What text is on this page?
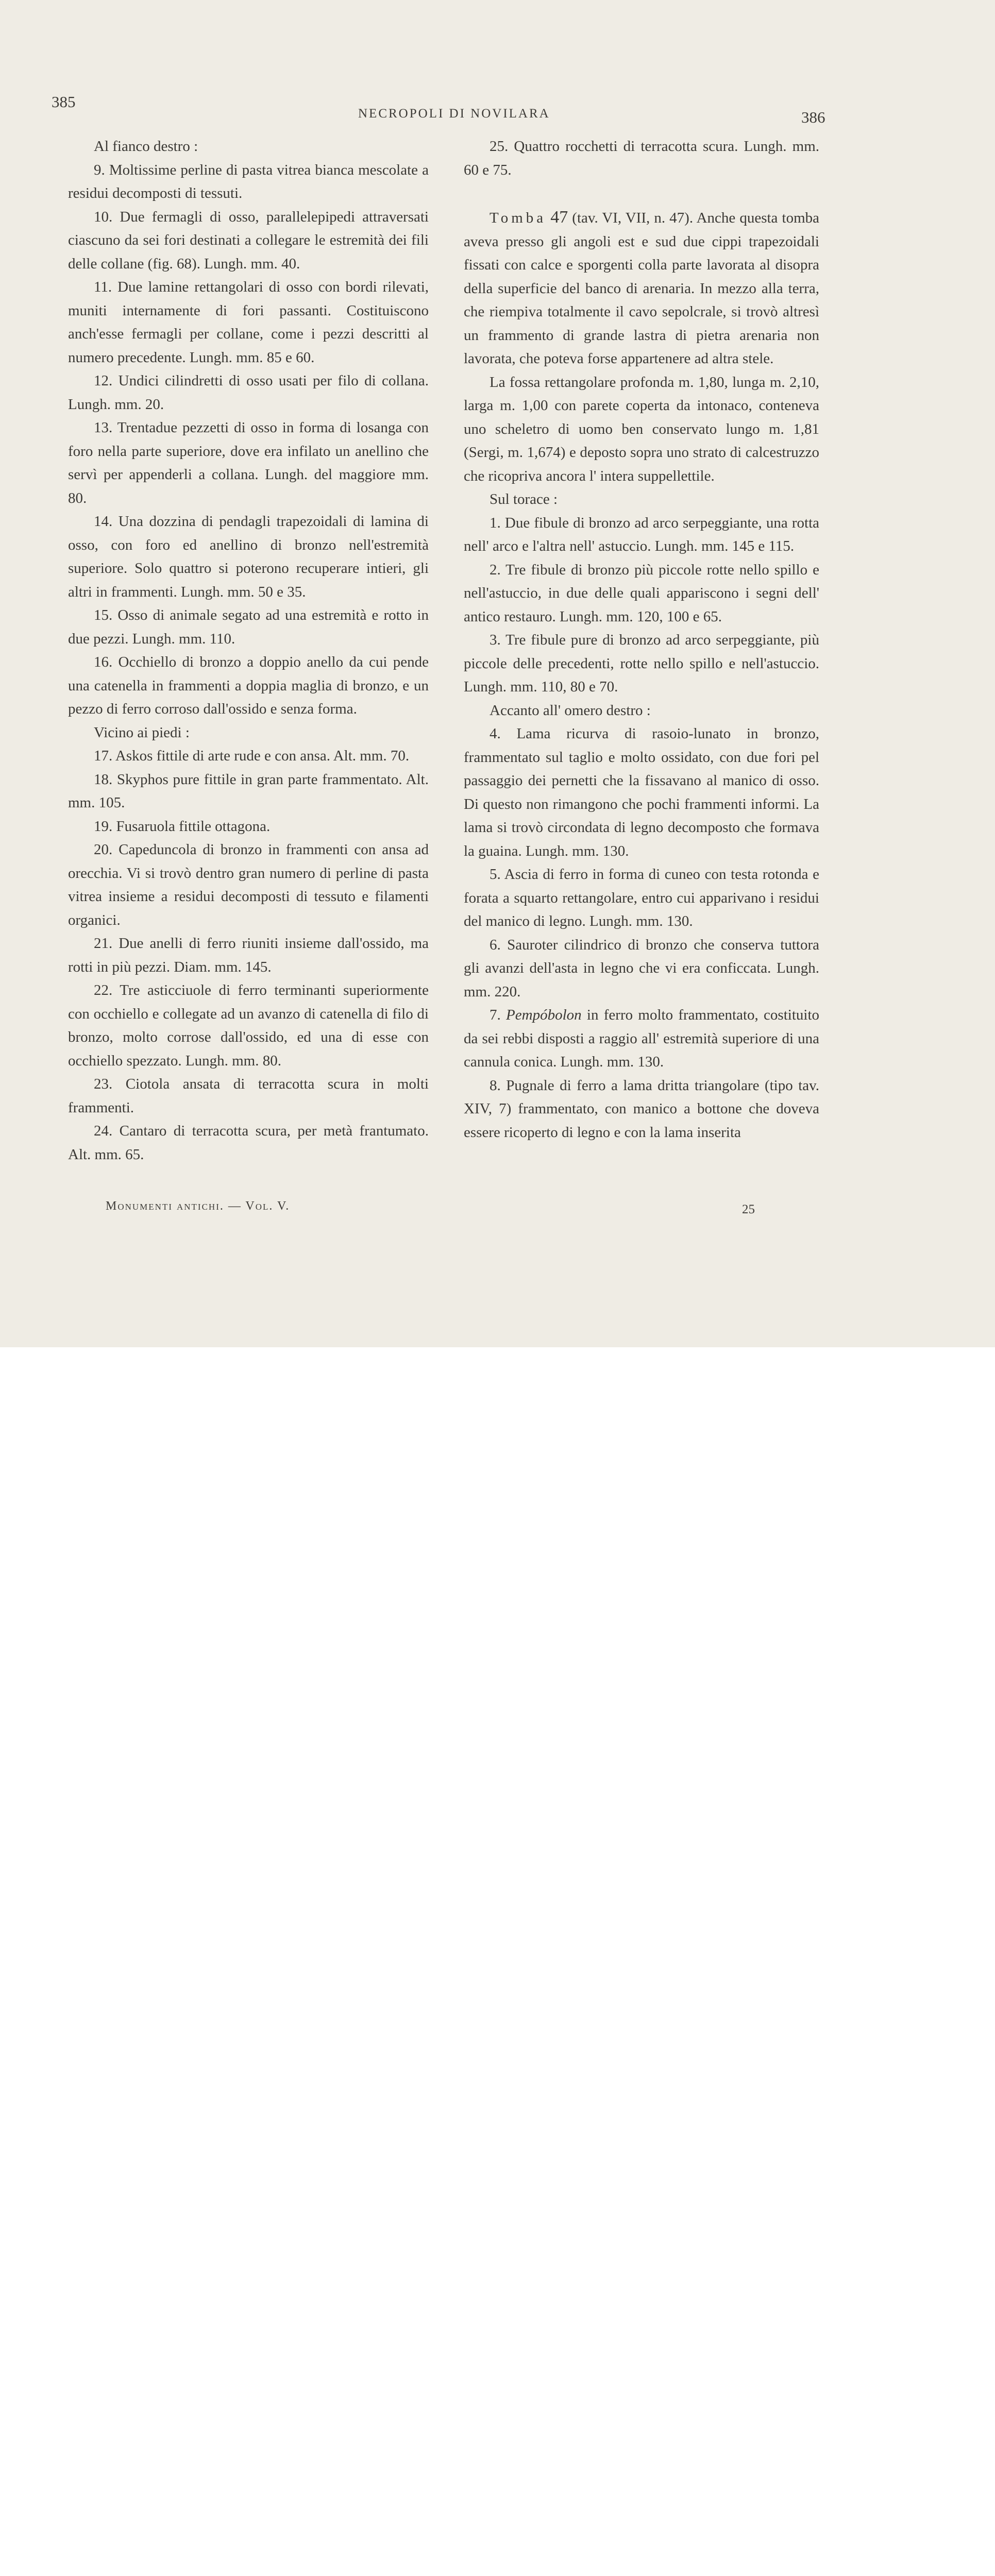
385
NECROPOLI DI NOVILARA	386

Al fianco destro :

9. Moltissime perline di pasta vitrea bianca mescolate a residui decomposti di tessuti.

10. Due fermagli di osso, parallelepipedi attraversati ciascuno da sei fori destinati a collegare le estremità dei fili delle collane (fig. 68). Lungh. mm. 40.

11. Due lamine rettangolari di osso con bordi rilevati, muniti internamente di fori passanti. Costituiscono anch'esse fermagli per collane, come i pezzi descritti al numero precedente. Lungh. mm. 85 e 60.

12. Undici cilindretti di osso usati per filo di collana. Lungh. mm. 20.

13. Trentadue pezzetti di osso in forma di losanga con foro nella parte superiore, dove era infilato un anellino che servì per appenderli a collana. Lungh. del maggiore mm. 80.

14. Una dozzina di pendagli trapezoidali di lamina di osso, con foro ed anellino di bronzo nell'estremità superiore. Solo quattro si poterono recuperare intieri, gli altri in frammenti. Lungh. mm. 50 e 35.

15. Osso di animale segato ad una estremità e rotto in due pezzi. Lungh. mm. 110.

16. Occhiello di bronzo a doppio anello da cui pende una catenella in frammenti a doppia maglia di bronzo, e un pezzo di ferro corroso dall'ossido e senza forma.

Vicino ai piedi :

17. Askos fittile di arte rude e con ansa. Alt. mm. 70.

18. Skyphos pure fittile in gran parte frammentato. Alt. mm. 105.

19. Fusaruola fittile ottagona.

20. Capeduncola di bronzo in frammenti con ansa ad orecchia. Vi si trovò dentro gran numero di perline di pasta vitrea insieme a residui decomposti di tessuto e filamenti organici.

21. Due anelli di ferro riuniti insieme dall'ossido, ma rotti in più pezzi. Diam. mm. 145.

22. Tre asticciuole di ferro terminanti superiormente con occhiello e collegate ad un avanzo di catenella di filo di bronzo, molto corrose dall'ossido, ed una di esse con occhiello spezzato. Lungh. mm. 80.

23. Ciotola ansata di terracotta scura in molti frammenti.

24. Cantaro di terracotta scura, per metà frantumato. Alt. mm. 65.

25. Quattro rocchetti di terracotta scura. Lungh. mm. 60 e 75.

Tomba 47 (tav. VI, VII, n. 47). Anche questa tomba aveva presso gli angoli est e sud due cippi trapezoidali fissati con calce e sporgenti colla parte lavorata al disopra della superficie del banco di arenaria. In mezzo alla terra, che riempiva totalmente il cavo sepolcrale, si trovò altresì un frammento di grande lastra di pietra arenaria non lavorata, che poteva forse appartenere ad altra stele.

La fossa rettangolare profonda m. 1,80, lunga m. 2,10, larga m. 1,00 con parete coperta da intonaco, conteneva uno scheletro di uomo ben conservato lungo m. 1,81 (Sergi, m. 1,674) e deposto sopra uno strato di calcestruzzo che ricopriva ancora l' intera suppellettile.

Sul torace :

1. Due fibule di bronzo ad arco serpeggiante, una rotta nell' arco e l'altra nell' astuccio. Lungh. mm. 145 e 115.

2. Tre fibule di bronzo più piccole rotte nello spillo e nell'astuccio, in due delle quali appariscono i segni dell' antico restauro. Lungh. mm. 120, 100 e 65.

3. Tre fibule pure di bronzo ad arco serpeggiante, più piccole delle precedenti, rotte nello spillo e nell'astuccio. Lungh. mm. 110, 80 e 70.

Accanto all' omero destro :

4. Lama ricurva di rasoio-lunato in bronzo, frammentato sul taglio e molto ossidato, con due fori pel passaggio dei pernetti che la fissavano al manico di osso. Di questo non rimangono che pochi frammenti informi. La lama si trovò circondata di legno decomposto che formava la guaina. Lungh. mm. 130.

5. Ascia di ferro in forma di cuneo con testa rotonda e forata a squarto rettangolare, entro cui apparivano i residui del manico di legno. Lungh. mm. 130.

6. Sauroter cilindrico di bronzo che conserva tuttora gli avanzi dell'asta in legno che vi era conficcata. Lungh. mm. 220.

7. Pempóbolon in ferro molto frammentato, costituito da sei rebbi disposti a raggio all' estremità superiore di una cannula conica. Lungh. mm. 130.

8. Pugnale di ferro a lama dritta triangolare (tipo tav. XIV, 7) frammentato, con manico a bottone che doveva essere ricoperto di legno e con la lama inserita

Monumenti antichi. — Vol. V.	25
